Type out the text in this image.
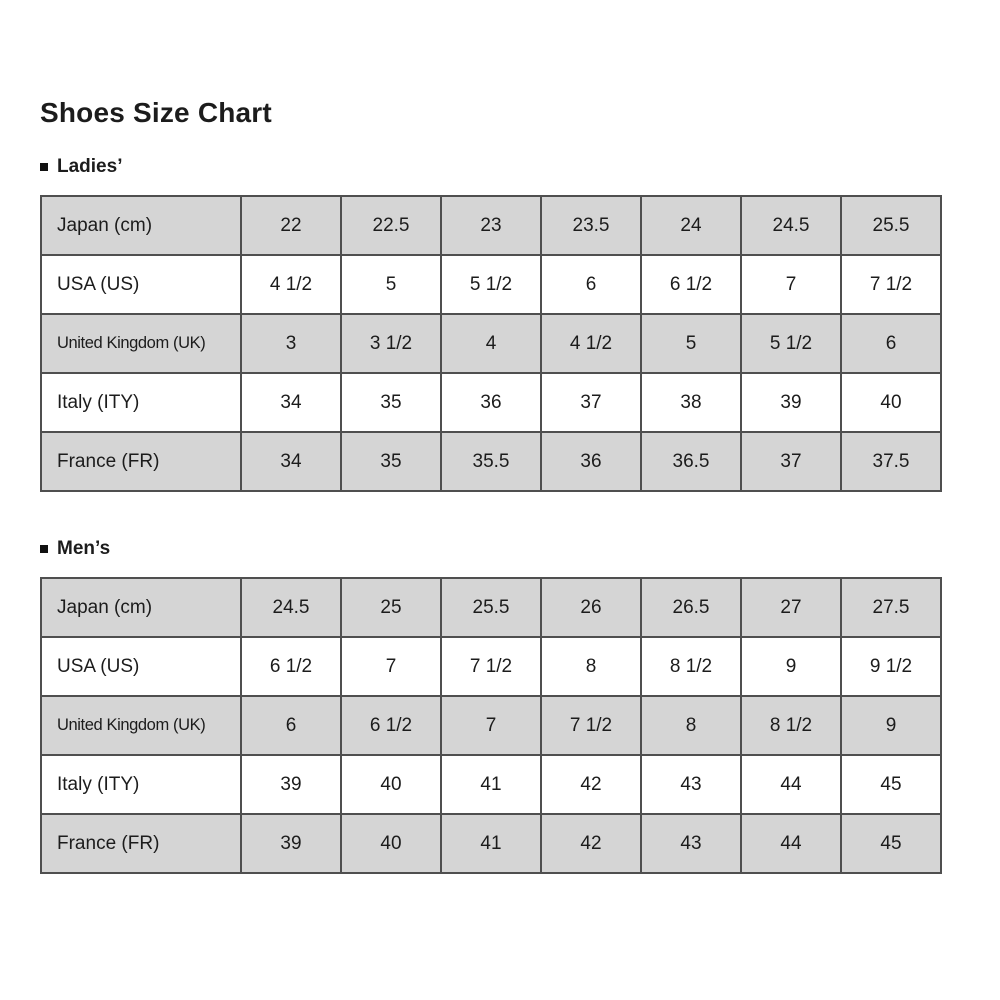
Shoes Size Chart
Ladies’
Japan (cm)	22	22.5	23	23.5	24	24.5	25.5
USA (US)	4 1/2	5	5 1/2	6	6 1/2	7	7 1/2
United Kingdom (UK)	3	3 1/2	4	4 1/2	5	5 1/2	6
Italy (ITY)	34	35	36	37	38	39	40
France (FR)	34	35	35.5	36	36.5	37	37.5
Men’s
Japan (cm)	24.5	25	25.5	26	26.5	27	27.5
USA (US)	6 1/2	7	7 1/2	8	8 1/2	9	9 1/2
United Kingdom (UK)	6	6 1/2	7	7 1/2	8	8 1/2	9
Italy (ITY)	39	40	41	42	43	44	45
France (FR)	39	40	41	42	43	44	45
